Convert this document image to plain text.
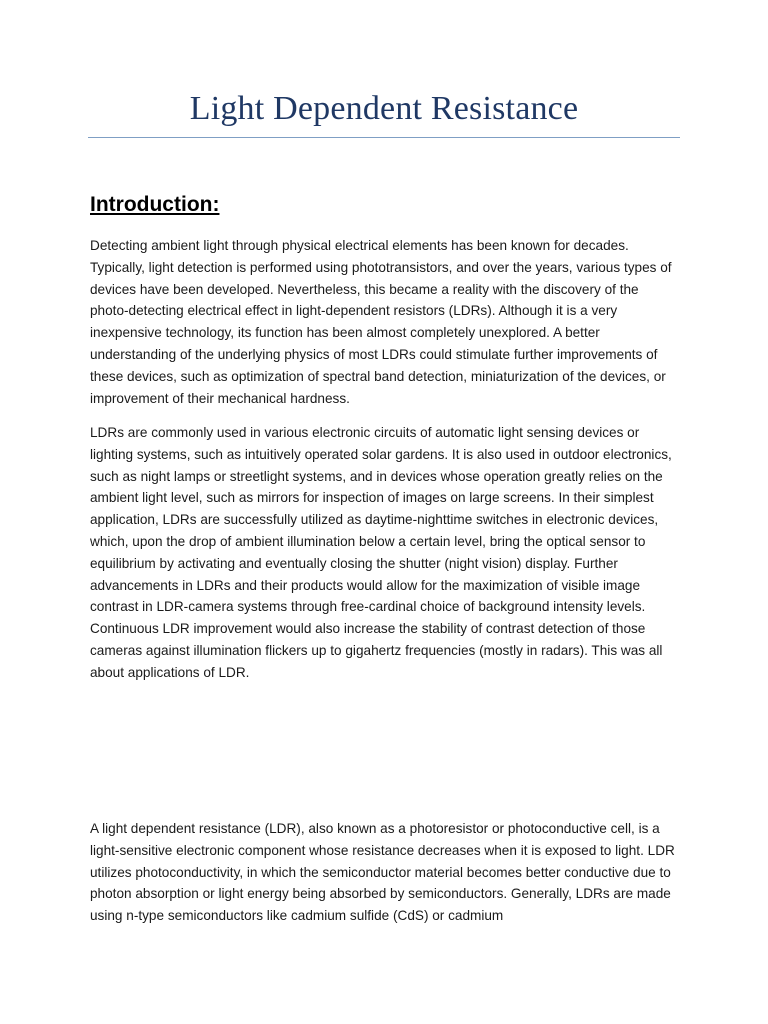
Light Dependent Resistance
Introduction:

Detecting ambient light through physical electrical elements has been known for decades. Typically, light detection is performed using phototransistors, and over the years, various types of devices have been developed. Nevertheless, this became a reality with the discovery of the photo-detecting electrical effect in light-dependent resistors (LDRs). Although it is a very inexpensive technology, its function has been almost completely unexplored. A better understanding of the underlying physics of most LDRs could stimulate further improvements of these devices, such as optimization of spectral band detection, miniaturization of the devices, or improvement of their mechanical hardness.

LDRs are commonly used in various electronic circuits of automatic light sensing devices or lighting systems, such as intuitively operated solar gardens. It is also used in outdoor electronics, such as night lamps or streetlight systems, and in devices whose operation greatly relies on the ambient light level, such as mirrors for inspection of images on large screens. In their simplest application, LDRs are successfully utilized as daytime-nighttime switches in electronic devices, which, upon the drop of ambient illumination below a certain level, bring the optical sensor to equilibrium by activating and eventually closing the shutter (night vision) display. Further advancements in LDRs and their products would allow for the maximization of visible image contrast in LDR-camera systems through free-cardinal choice of background intensity levels. Continuous LDR improvement would also increase the stability of contrast detection of those cameras against illumination flickers up to gigahertz frequencies (mostly in radars). This was all about applications of LDR.

A light dependent resistance (LDR), also known as a photoresistor or photoconductive cell, is a light-sensitive electronic component whose resistance decreases when it is exposed to light. LDR utilizes photoconductivity, in which the semiconductor material becomes better conductive due to photon absorption or light energy being absorbed by semiconductors. Generally, LDRs are made using n-type semiconductors like cadmium sulfide (CdS) or cadmium
